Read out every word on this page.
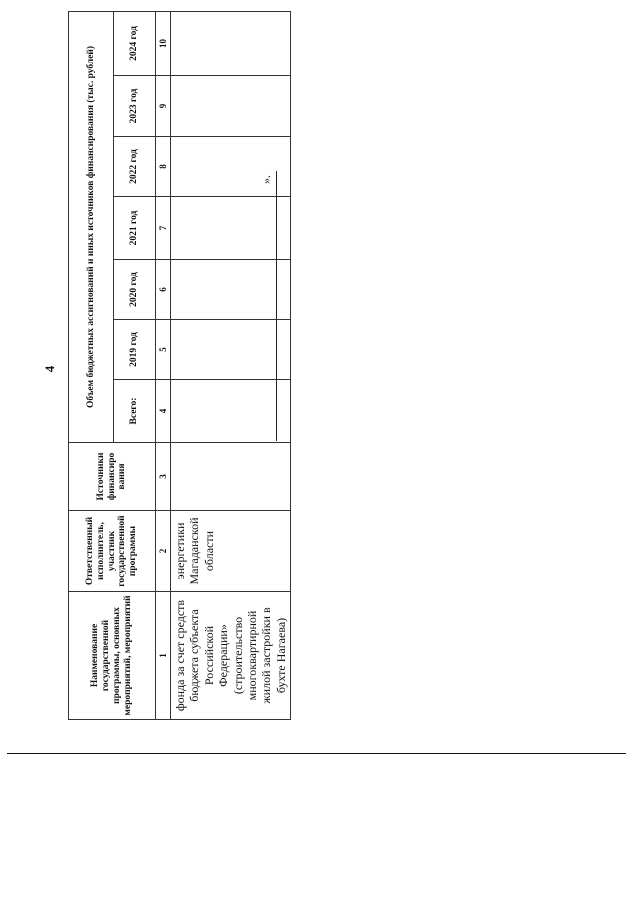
4
Наименование государственной программы, основных мероприятий, мероприятий	Ответственный исполнитель, участник государственной программы	Источники финансиро вания	Объем бюджетных ассигнований и иных источников финансирования (тыс. рублей)						
			Всего:	2019 год	2020 год	2021 год	2022 год	2023 год	2024 год
1	2	3	4	5	6	7	8	9	10
фонда за счет средств бюджета субъекта Российской Федерации» (строительство многоквартирной жилой застройки в бухте Нагаева)	энергетики Магаданской области								
».
